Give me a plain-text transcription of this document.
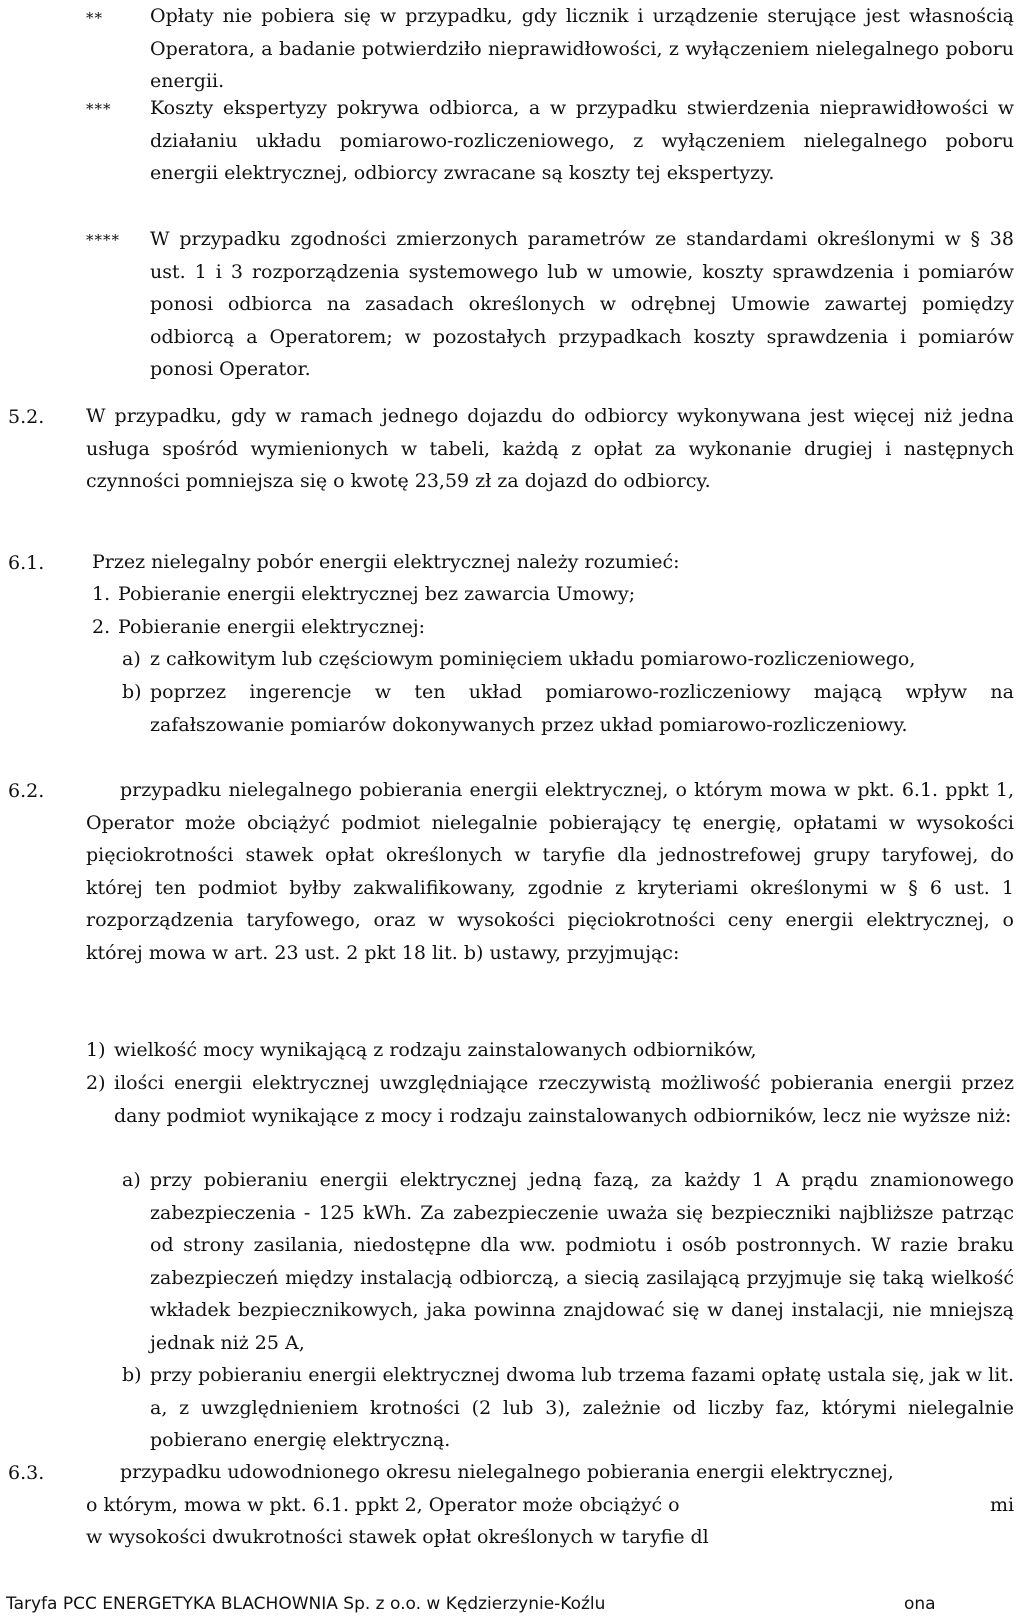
** Opłaty nie pobiera się w przypadku, gdy licznik i urządzenie sterujące jest własnością Operatora, a badanie potwierdziło nieprawidłowości, z wyłączeniem nielegalnego poboru energii.
*** Koszty ekspertyzy pokrywa odbiorca, a w przypadku stwierdzenia nieprawidłowości w działaniu układu pomiarowo-rozliczeniowego, z wyłączeniem nielegalnego poboru energii elektrycznej, odbiorcy zwracane są koszty tej ekspertyzy.
**** W przypadku zgodności zmierzonych parametrów ze standardami określonymi w § 38 ust. 1 i 3 rozporządzenia systemowego lub w umowie, koszty sprawdzenia i pomiarów ponosi odbiorca na zasadach określonych w odrębnej Umowie zawartej pomiędzy odbiorcą a Operatorem; w pozostałych przypadkach koszty sprawdzenia i pomiarów ponosi Operator.
5.2. W przypadku, gdy w ramach jednego dojazdu do odbiorcy wykonywana jest więcej niż jedna usługa spośród wymienionych w tabeli, każdą z opłat za wykonanie drugiej i następnych czynności pomniejsza się o kwotę 23,59 zł za dojazd do odbiorcy.
6.1.	Przez nielegalny pobór energii elektrycznej należy rozumieć:
1. Pobieranie energii elektrycznej bez zawarcia Umowy;
2. Pobieranie energii elektrycznej:
a) z całkowitym lub częściowym pominięciem układu pomiarowo-rozliczeniowego,
b) poprzez ingerencje w ten układ pomiarowo-rozliczeniowy mającą wpływ na zafałszowanie pomiarów dokonywanych przez układ pomiarowo-rozliczeniowy.
6.2.	przypadku nielegalnego pobierania energii elektrycznej, o którym mowa w pkt. 6.1. ppkt 1, Operator może obciążyć podmiot nielegalnie pobierający tę energię, opłatami w wysokości pięciokrotności stawek opłat określonych w taryfie dla jednostrefowej grupy taryfowej, do której ten podmiot byłby zakwalifikowany, zgodnie z kryteriami określonymi w § 6 ust. 1 rozporządzenia taryfowego, oraz w wysokości pięciokrotności ceny energii elektrycznej, o której mowa w art. 23 ust. 2 pkt 18 lit. b) ustawy, przyjmując:
1) wielkość mocy wynikającą z rodzaju zainstalowanych odbiorników,
2) ilości energii elektrycznej uwzględniające rzeczywistą możliwość pobierania energii przez dany podmiot wynikające z mocy i rodzaju zainstalowanych odbiorników, lecz nie wyższe niż:
a) przy pobieraniu energii elektrycznej jedną fazą, za każdy 1 A prądu znamionowego zabezpieczenia - 125 kWh. Za zabezpieczenie uważa się bezpieczniki najbliższe patrząc od strony zasilania, niedostępne dla ww. podmiotu i osób postronnych. W razie braku zabezpieczeń między instalacją odbiorczą, a siecią zasilającą przyjmuje się taką wielkość wkładek bezpiecznikowych, jaka powinna znajdować się w danej instalacji, nie mniejszą jednak niż 25 A,
b) przy pobieraniu energii elektrycznej dwoma lub trzema fazami opłatę ustala się, jak w lit. a, z uwzględnieniem krotności (2 lub 3), zależnie od liczby faz, którymi nielegalnie pobierano energię elektryczną.
6.3.	przypadku udowodnionego okresu nielegalnego pobierania energii elektrycznej,
o którym, mowa w pkt. 6.1. ppkt 2, Operator może obciążyć o	mi
w wysokości dwukrotności stawek opłat określonych w taryfie dl
Taryfa PCC ENERGETYKA BLACHOWNIA Sp. z o.o. w Kędzierzynie-Koźlu	ona
